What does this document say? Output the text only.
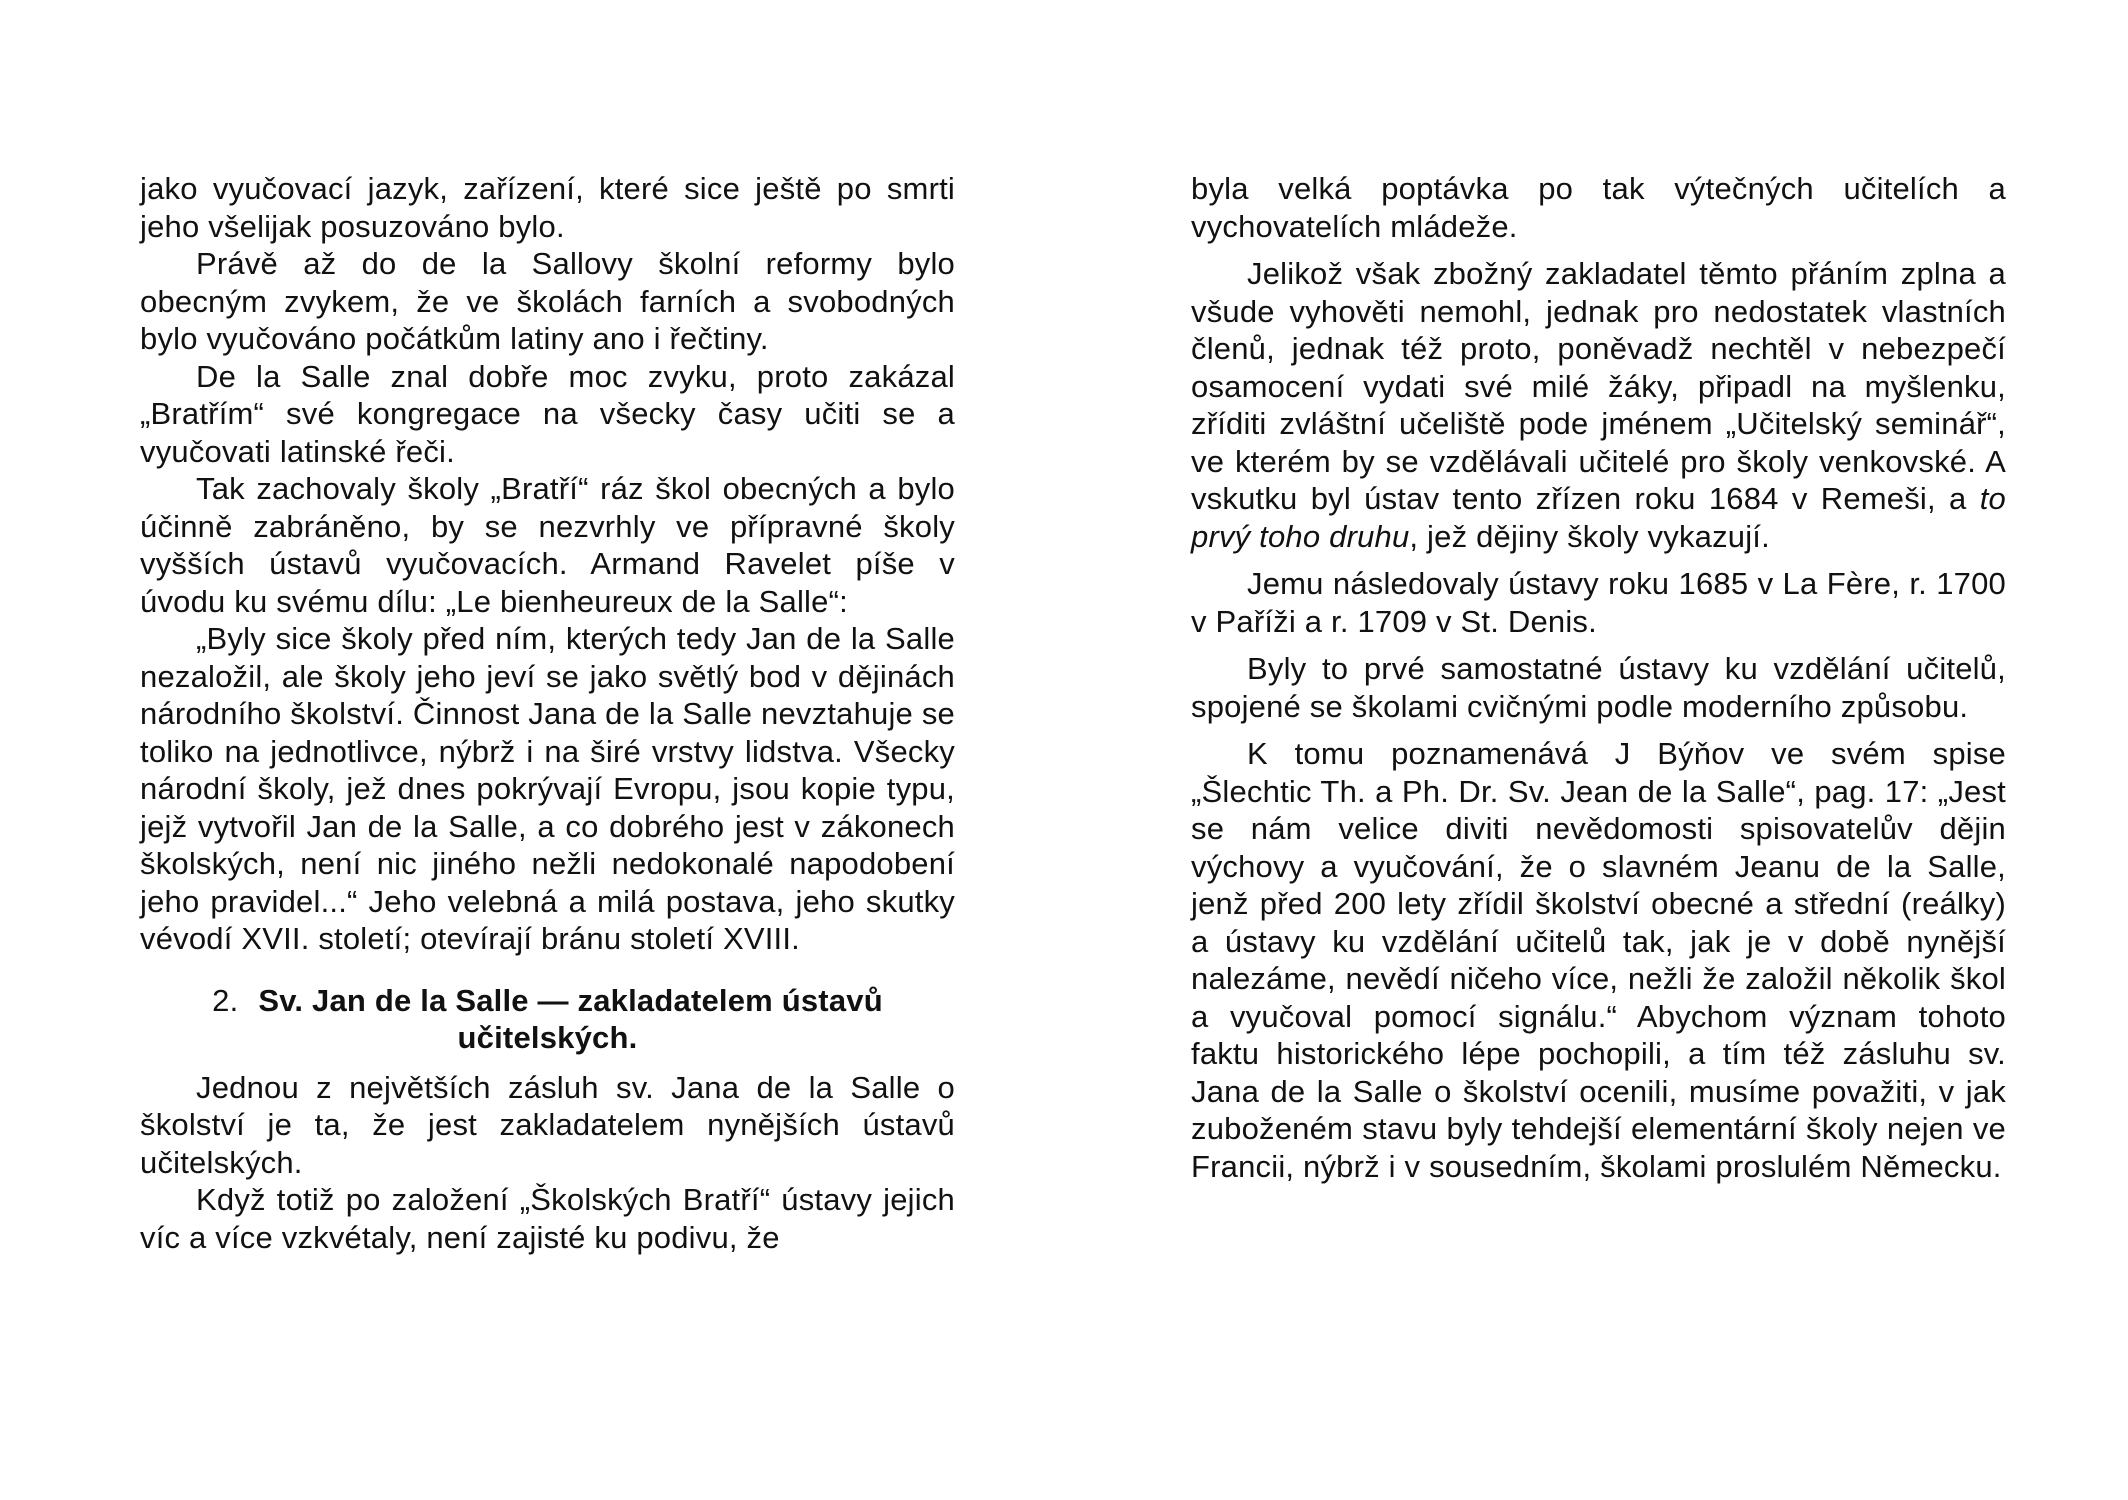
jako vyučovací jazyk, zařízení, které sice ještě po smrti jeho všelijak posuzováno bylo.

Právě až do de la Sallovy školní reformy bylo obecným zvykem, že ve školách farních a svobodných bylo vyučováno počátkům latiny ano i řečtiny.

De la Salle znal dobře moc zvyku, proto zakázal „Bratřím“ své kongregace na všecky časy učiti se a vyučovati latinské řeči.

Tak zachovaly školy „Bratří“ ráz škol obecných a bylo účinně zabráněno, by se nezvrhly ve přípravné školy vyšších ústavů vyučovacích. Armand Ravelet píše v úvodu ku svému dílu: „Le bienheureux de la Salle“:

„Byly sice školy před ním, kterých tedy Jan de la Salle nezaložil, ale školy jeho jeví se jako světlý bod v dějinách národního školství. Činnost Jana de la Salle nevztahuje se toliko na jednotlivce, nýbrž i na širé vrstvy lidstva. Všecky národní školy, jež dnes pokrývají Evropu, jsou kopie typu, jejž vytvořil Jan de la Salle, a co dobrého jest v zákonech školských, není nic jiného nežli nedokonalé napodobení jeho pravidel...“ Jeho velebná a milá postava, jeho skutky vévodí XVII. století; otevírají bránu století XVIII.

2. Sv. Jan de la Salle — zakladatelem ústavů
učitelských.

Jednou z největších zásluh sv. Jana de la Salle o školství je ta, že jest zakladatelem nynějších ústavů učitelských.

Když totiž po založení „Školských Bratří“ ústavy jejich víc a více vzkvétaly, není zajisté ku podivu, že

byla velká poptávka po tak výtečných učitelích a vychovatelích mládeže.

Jelikož však zbožný zakladatel těmto přáním zplna a všude vyhověti nemohl, jednak pro nedostatek vlastních členů, jednak též proto, poněvadž nechtěl v nebezpečí osamocení vydati své milé žáky, připadl na myšlenku, zříditi zvláštní učeliště pode jménem „Učitelský seminář“, ve kterém by se vzdělávali učitelé pro školy venkovské. A vskutku byl ústav tento zřízen roku 1684 v Remeši, a to prvý toho druhu, jež dějiny školy vykazují.

Jemu následovaly ústavy roku 1685 v La Fère, r. 1700 v Paříži a r. 1709 v St. Denis.

Byly to prvé samostatné ústavy ku vzdělání učitelů, spojené se školami cvičnými podle moderního způsobu.

K tomu poznamenává J Býňov ve svém spise „Šlechtic Th. a Ph. Dr. Sv. Jean de la Salle“, pag. 17: „Jest se nám velice diviti nevědomosti spisovatelův dějin výchovy a vyučování, že o slavném Jeanu de la Salle, jenž před 200 lety zřídil školství obecné a střední (reálky) a ústavy ku vzdělání učitelů tak, jak je v době nynější nalezáme, nevědí ničeho více, nežli že založil několik škol a vyučoval pomocí signálu.“ Abychom význam tohoto faktu historického lépe pochopili, a tím též zásluhu sv. Jana de la Salle o školství ocenili, musíme považiti, v jak zuboženém stavu byly tehdejší elementární školy nejen ve Francii, nýbrž i v sousedním, školami proslulém Německu.
